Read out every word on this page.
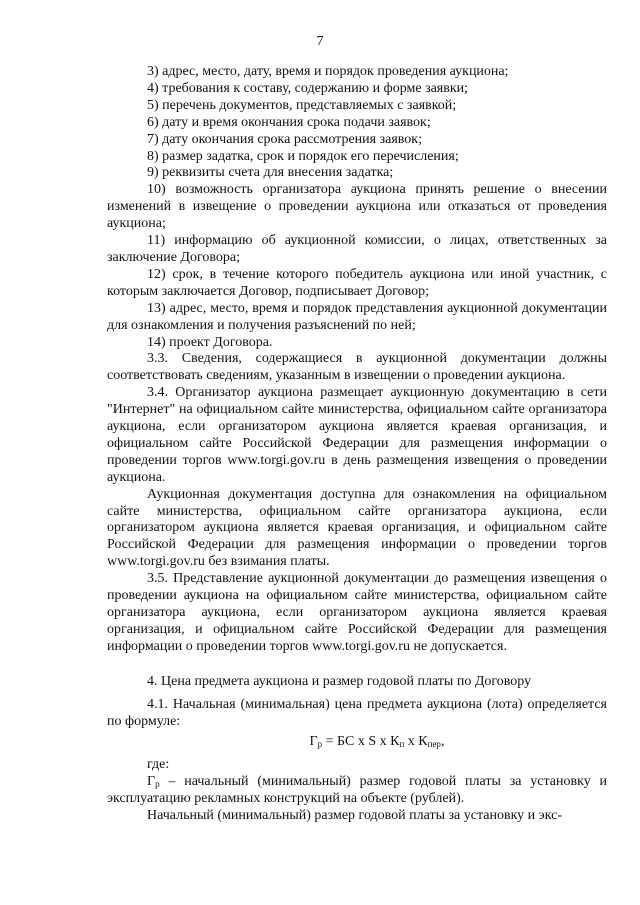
7

3) адрес, место, дату, время и порядок проведения аукциона;

4) требования к составу, содержанию и форме заявки;

5) перечень документов, представляемых с заявкой;

6) дату и время окончания срока подачи заявок;

7) дату окончания срока рассмотрения заявок;

8) размер задатка, срок и порядок его перечисления;

9) реквизиты счета для внесения задатка;

10) возможность организатора аукциона принять решение о внесении изменений в извещение о проведении аукциона или отказаться от проведения аукциона;

11) информацию об аукционной комиссии, о лицах, ответственных за заключение Договора;

12) срок, в течение которого победитель аукциона или иной участник, с которым заключается Договор, подписывает Договор;

13) адрес, место, время и порядок представления аукционной документации для ознакомления и получения разъяснений по ней;

14) проект Договора.

3.3. Сведения, содержащиеся в аукционной документации должны соответствовать сведениям, указанным в извещении о проведении аукциона.

3.4. Организатор аукциона размещает аукционную документацию в сети "Интернет" на официальном сайте министерства, официальном сайте организатора аукциона, если организатором аукциона является краевая организация, и официальном сайте Российской Федерации для размещения информации о проведении торгов www.torgi.gov.ru в день размещения извещения о проведении аукциона.

Аукционная документация доступна для ознакомления на официальном сайте министерства, официальном сайте организатора аукциона, если организатором аукциона является краевая организация, и официальном сайте Российской Федерации для размещения информации о проведении торгов www.torgi.gov.ru без взимания платы.

3.5. Представление аукционной документации до размещения извещения о проведении аукциона на официальном сайте министерства, официальном сайте организатора аукциона, если организатором аукциона является краевая организация, и официальном сайте Российской Федерации для размещения информации о проведении торгов www.torgi.gov.ru не допускается.

4. Цена предмета аукциона и размер годовой платы по Договору

4.1. Начальная (минимальная) цена предмета аукциона (лота) определяется по формуле:

$Г_р$ = БС x S x $К_п$ x $К_{пер}$,

где:

$Г_р$ – начальный (минимальный) размер годовой платы за установку и эксплуатацию рекламных конструкций на объекте (рублей).

Начальный (минимальный) размер годовой платы за установку и экс-
